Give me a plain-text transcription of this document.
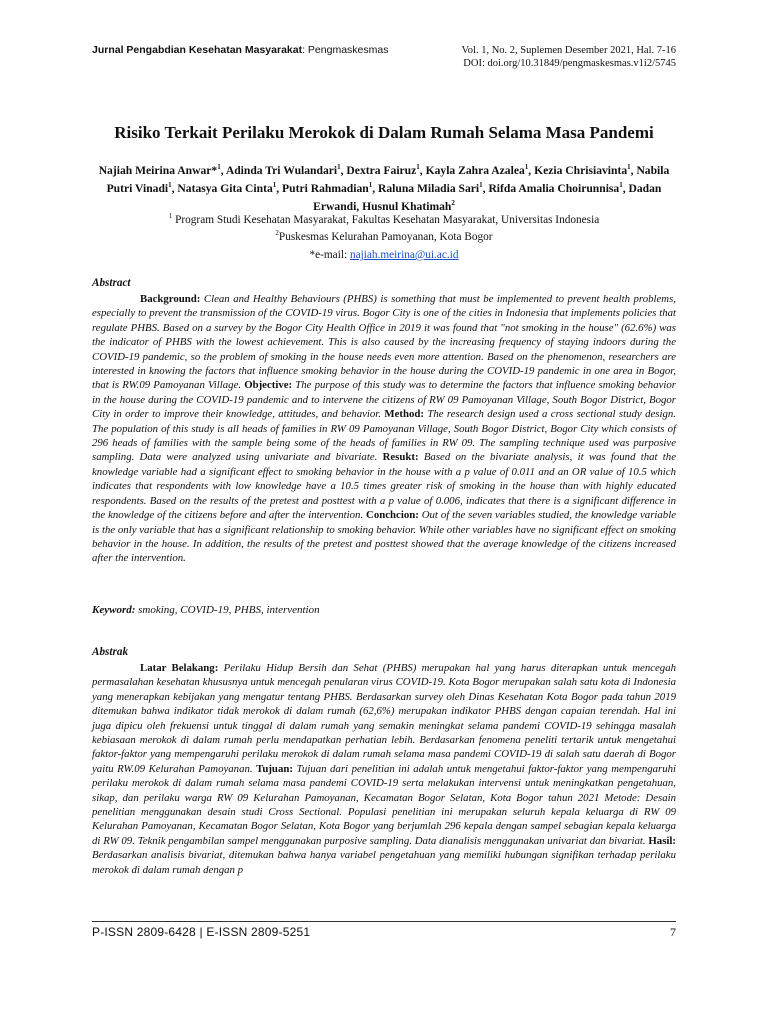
Jurnal Pengabdian Kesehatan Masyarakat: Pengmaskesmas	Vol. 1, No. 2, Suplemen Desember 2021, Hal. 7-16
DOI: doi.org/10.31849/pengmaskesmas.v1i2/5745
Risiko Terkait Perilaku Merokok di Dalam Rumah Selama Masa Pandemi
Najiah Meirina Anwar*$^1$, Adinda Tri Wulandari$^1$, Dextra Fairuz$^1$, Kayla Zahra Azalea$^1$, Kezia Chrisiavinta$^1$, Nabila Putri Vinadi$^1$, Natasya Gita Cinta$^1$, Putri Rahmadian$^1$, Raluna Miladia Sari$^1$, Rifda Amalia Choirunnisa$^1$, Dadan Erwandi, Husnul Khatimah$^2$
$^1$ Program Studi Kesehatan Masyarakat, Fakultas Kesehatan Masyarakat, Universitas Indonesia
$^2$Puskesmas Kelurahan Pamoyanan, Kota Bogor
*e-mail: najiah.meirina@ui.ac.id
Abstract
Background: Clean and Healthy Behaviours (PHBS) is something that must be implemented to prevent health problems, especially to prevent the transmission of the COVID-19 virus. Bogor City is one of the cities in Indonesia that implements policies that regulate PHBS. Based on a survey by the Bogor City Health Office in 2019 it was found that "not smoking in the house" (62.6%) was the indicator of PHBS with the lowest achievement. This is also caused by the increasing frequency of staying indoors during the COVID-19 pandemic, so the problem of smoking in the house needs even more attention. Based on the phenomenon, researchers are interested in knowing the factors that influence smoking behavior in the house during the COVID-19 pandemic in one area in Bogor, that is RW.09 Pamoyanan Village. Objective: The purpose of this study was to determine the factors that influence smoking behavior in the house during the COVID-19 pandemic and to intervene the citizens of RW 09 Pamoyanan Village, South Bogor District, Bogor City in order to improve their knowledge, attitudes, and behavior. Method: The research design used a cross sectional study design. The population of this study is all heads of families in RW 09 Pamoyanan Village, South Bogor District, Bogor City which consists of 296 heads of families with the sample being some of the heads of families in RW 09. The sampling technique used was purposive sampling. Data were analyzed using univariate and bivariate. Resukt: Based on the bivariate analysis, it was found that the knowledge variable had a significant effect to smoking behavior in the house with a p value of 0.011 and an OR value of 10.5 which indicates that respondents with low knowledge have a 10.5 times greater risk of smoking in the house than with highly educated respondents. Based on the results of the pretest and posttest with a p value of 0.006, indicates that there is a significant difference in the knowledge of the citizens before and after the intervention. Conchcion: Out of the seven variables studied, the knowledge variable is the only variable that has a significant relationship to smoking behavior. While other variables have no significant effect on smoking behavior in the house. In addition, the results of the pretest and posttest showed that the average knowledge of the citizens increased after the intervention.
Keyword: smoking, COVID-19, PHBS, intervention
Abstrak
Latar Belakang: Perilaku Hidup Bersih dan Sehat (PHBS) merupakan hal yang harus diterapkan untuk mencegah permasalahan kesehatan khususnya untuk mencegah penularan virus COVID-19. Kota Bogor merupakan salah satu kota di Indonesia yang menerapkan kebijakan yang mengatur tentang PHBS. Berdasarkan survey oleh Dinas Kesehatan Kota Bogor pada tahun 2019 ditemukan bahwa indikator tidak merokok di dalam rumah (62,6%) merupakan indikator PHBS dengan capaian terendah. Hal ini juga dipicu oleh frekuensi untuk tinggal di dalam rumah yang semakin meningkat selama pandemi COVID-19 sehingga masalah kebiasaan merokok di dalam rumah perlu mendapatkan perhatian lebih. Berdasarkan fenomena peneliti tertarik untuk mengetahui faktor-faktor yang mempengaruhi perilaku merokok di dalam rumah selama masa pandemi COVID-19 di salah satu daerah di Bogor yaitu RW.09 Kelurahan Pamoyanan. Tujuan: Tujuan dari penelitian ini adalah untuk mengetahui faktor-faktor yang mempengaruhi perilaku merokok di dalam rumah selama masa pandemi COVID-19 serta melakukan intervensi untuk meningkatkan pengetahuan, sikap, dan perilaku warga RW 09 Kelurahan Pamoyanan, Kecamatan Bogor Selatan, Kota Bogor tahun 2021 Metode: Desain penelitian menggunakan desain studi Cross Sectional. Populasi penelitian ini merupakan seluruh kepala keluarga di RW 09 Kelurahan Pamoyanan, Kecamatan Bogor Selatan, Kota Bogor yang berjumlah 296 kepala dengan sampel sebagian kepala keluarga di RW 09. Teknik pengambilan sampel menggunakan purposive sampling. Data dianalisis menggunakan univariat dan bivariat. Hasil: Berdasarkan analisis bivariat, ditemukan bahwa hanya variabel pengetahuan yang memiliki hubungan signifikan terhadap perilaku merokok di dalam rumah dengan p
P-ISSN 2809-6428 | E-ISSN 2809-5251	7
